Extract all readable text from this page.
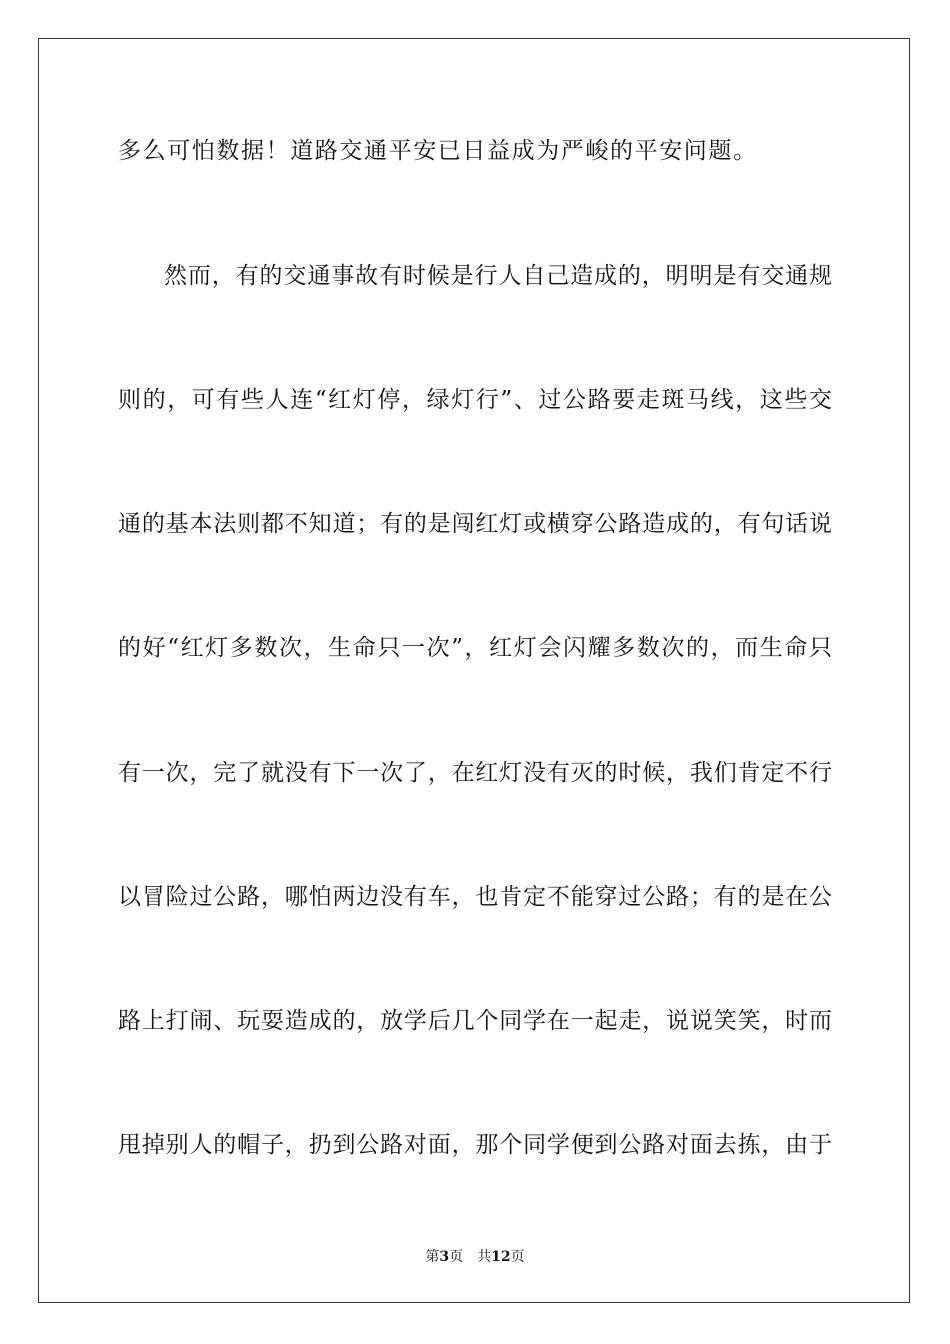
多么可怕数据！道路交通平安已日益成为严峻的平安问题。
然而，有的交通事故有时候是行人自己造成的，明明是有交通规
则的，可有些人连“红灯停，绿灯行”、过公路要走斑马线，这些交
通的基本法则都不知道；有的是闯红灯或横穿公路造成的，有句话说
的好“红灯多数次，生命只一次”，红灯会闪耀多数次的，而生命只
有一次，完了就没有下一次了，在红灯没有灭的时候，我们肯定不行
以冒险过公路，哪怕两边没有车，也肯定不能穿过公路；有的是在公
路上打闹、玩耍造成的，放学后几个同学在一起走，说说笑笑，时而
甩掉别人的帽子，扔到公路对面，那个同学便到公路对面去拣，由于
第3页 共12页
